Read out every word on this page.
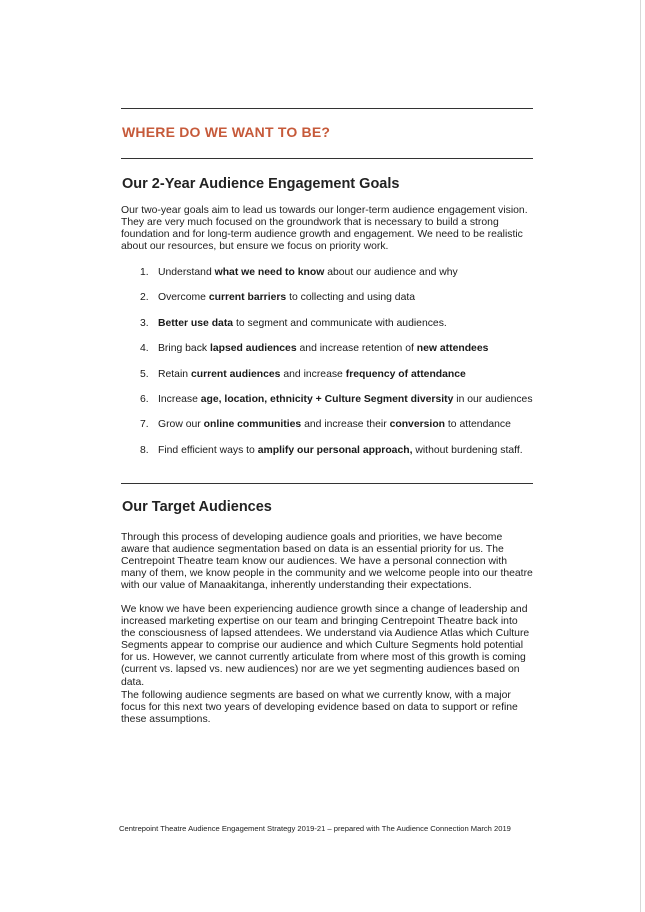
WHERE DO WE WANT TO BE?
Our 2-Year Audience Engagement Goals

Our two-year goals aim to lead us towards our longer-term audience engagement vision. They are very much focused on the groundwork that is necessary to build a strong foundation and for long-term audience growth and engagement. We need to be realistic about our resources, but ensure we focus on priority work.

1. Understand what we need to know about our audience and why
2. Overcome current barriers to collecting and using data
3. Better use data to segment and communicate with audiences.
4. Bring back lapsed audiences and increase retention of new attendees
5. Retain current audiences and increase frequency of attendance
6. Increase age, location, ethnicity + Culture Segment diversity in our audiences
7. Grow our online communities and increase their conversion to attendance
8. Find efficient ways to amplify our personal approach, without burdening staff.
Our Target Audiences

Through this process of developing audience goals and priorities, we have become aware that audience segmentation based on data is an essential priority for us. The Centrepoint Theatre team know our audiences. We have a personal connection with many of them, we know people in the community and we welcome people into our theatre with our value of Manaakitanga, inherently understanding their expectations.

We know we have been experiencing audience growth since a change of leadership and increased marketing expertise on our team and bringing Centrepoint Theatre back into the consciousness of lapsed attendees. We understand via Audience Atlas which Culture Segments appear to comprise our audience and which Culture Segments hold potential for us. However, we cannot currently articulate from where most of this growth is coming (current vs. lapsed vs. new audiences) nor are we yet segmenting audiences based on data.

The following audience segments are based on what we currently know, with a major focus for this next two years of developing evidence based on data to support or refine these assumptions.

Centrepoint Theatre Audience Engagement Strategy 2019-21 – prepared with The Audience Connection March 2019
